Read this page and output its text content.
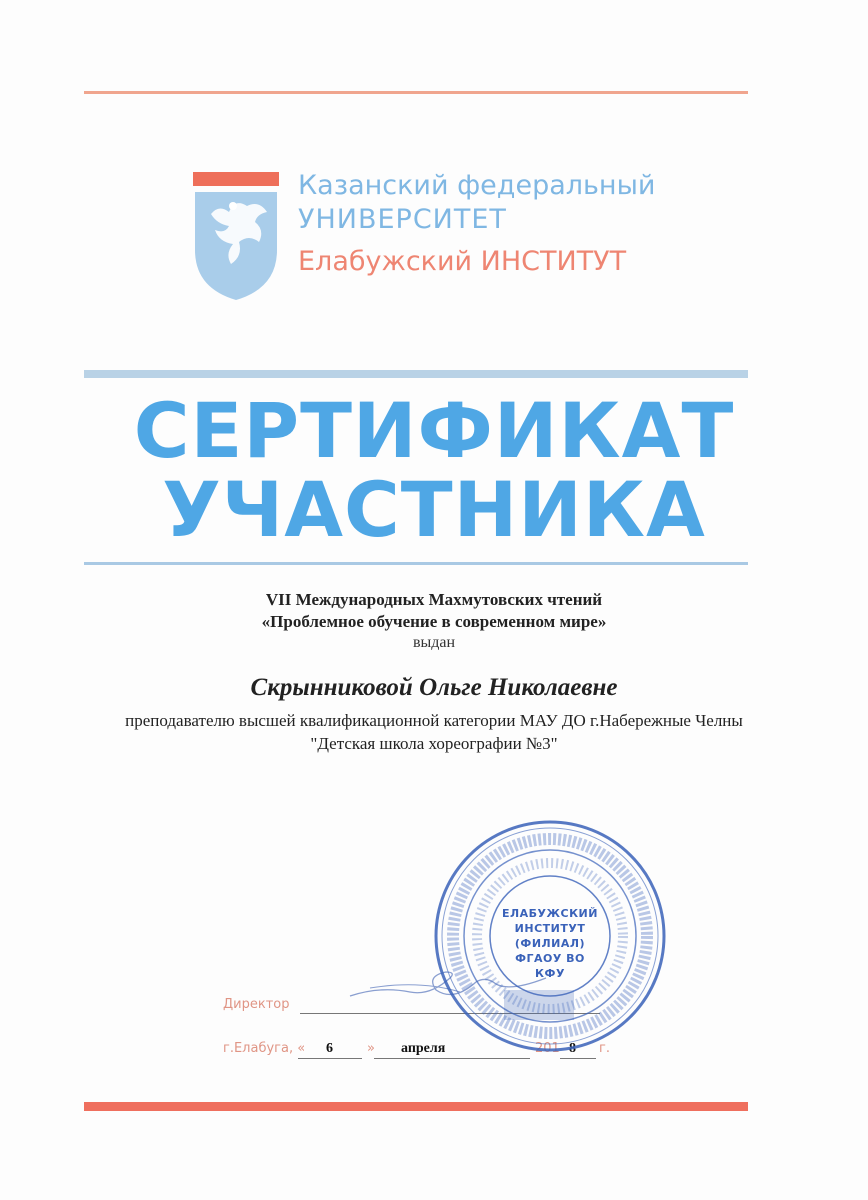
Казанский федеральный
УНИВЕРСИТЕТ
Елабужский ИНСТИТУТ
СЕРТИФИКАТ
УЧАСТНИКА
VII Международных Махмутовских чтений
«Проблемное обучение в современном мире»
выдан
Скрынниковой Ольге Николаевне
преподавателю высшей квалификационной категории МАУ ДО г.Набережные Челны
"Детская школа хореографии №3"
Директор
г.Елабуга, « 6	» апреля	201 8 г.
ЕЛАБУЖСКИЙ
ИНСТИТУТ
(ФИЛИАЛ)
ФГАОУ ВО
КФУ
